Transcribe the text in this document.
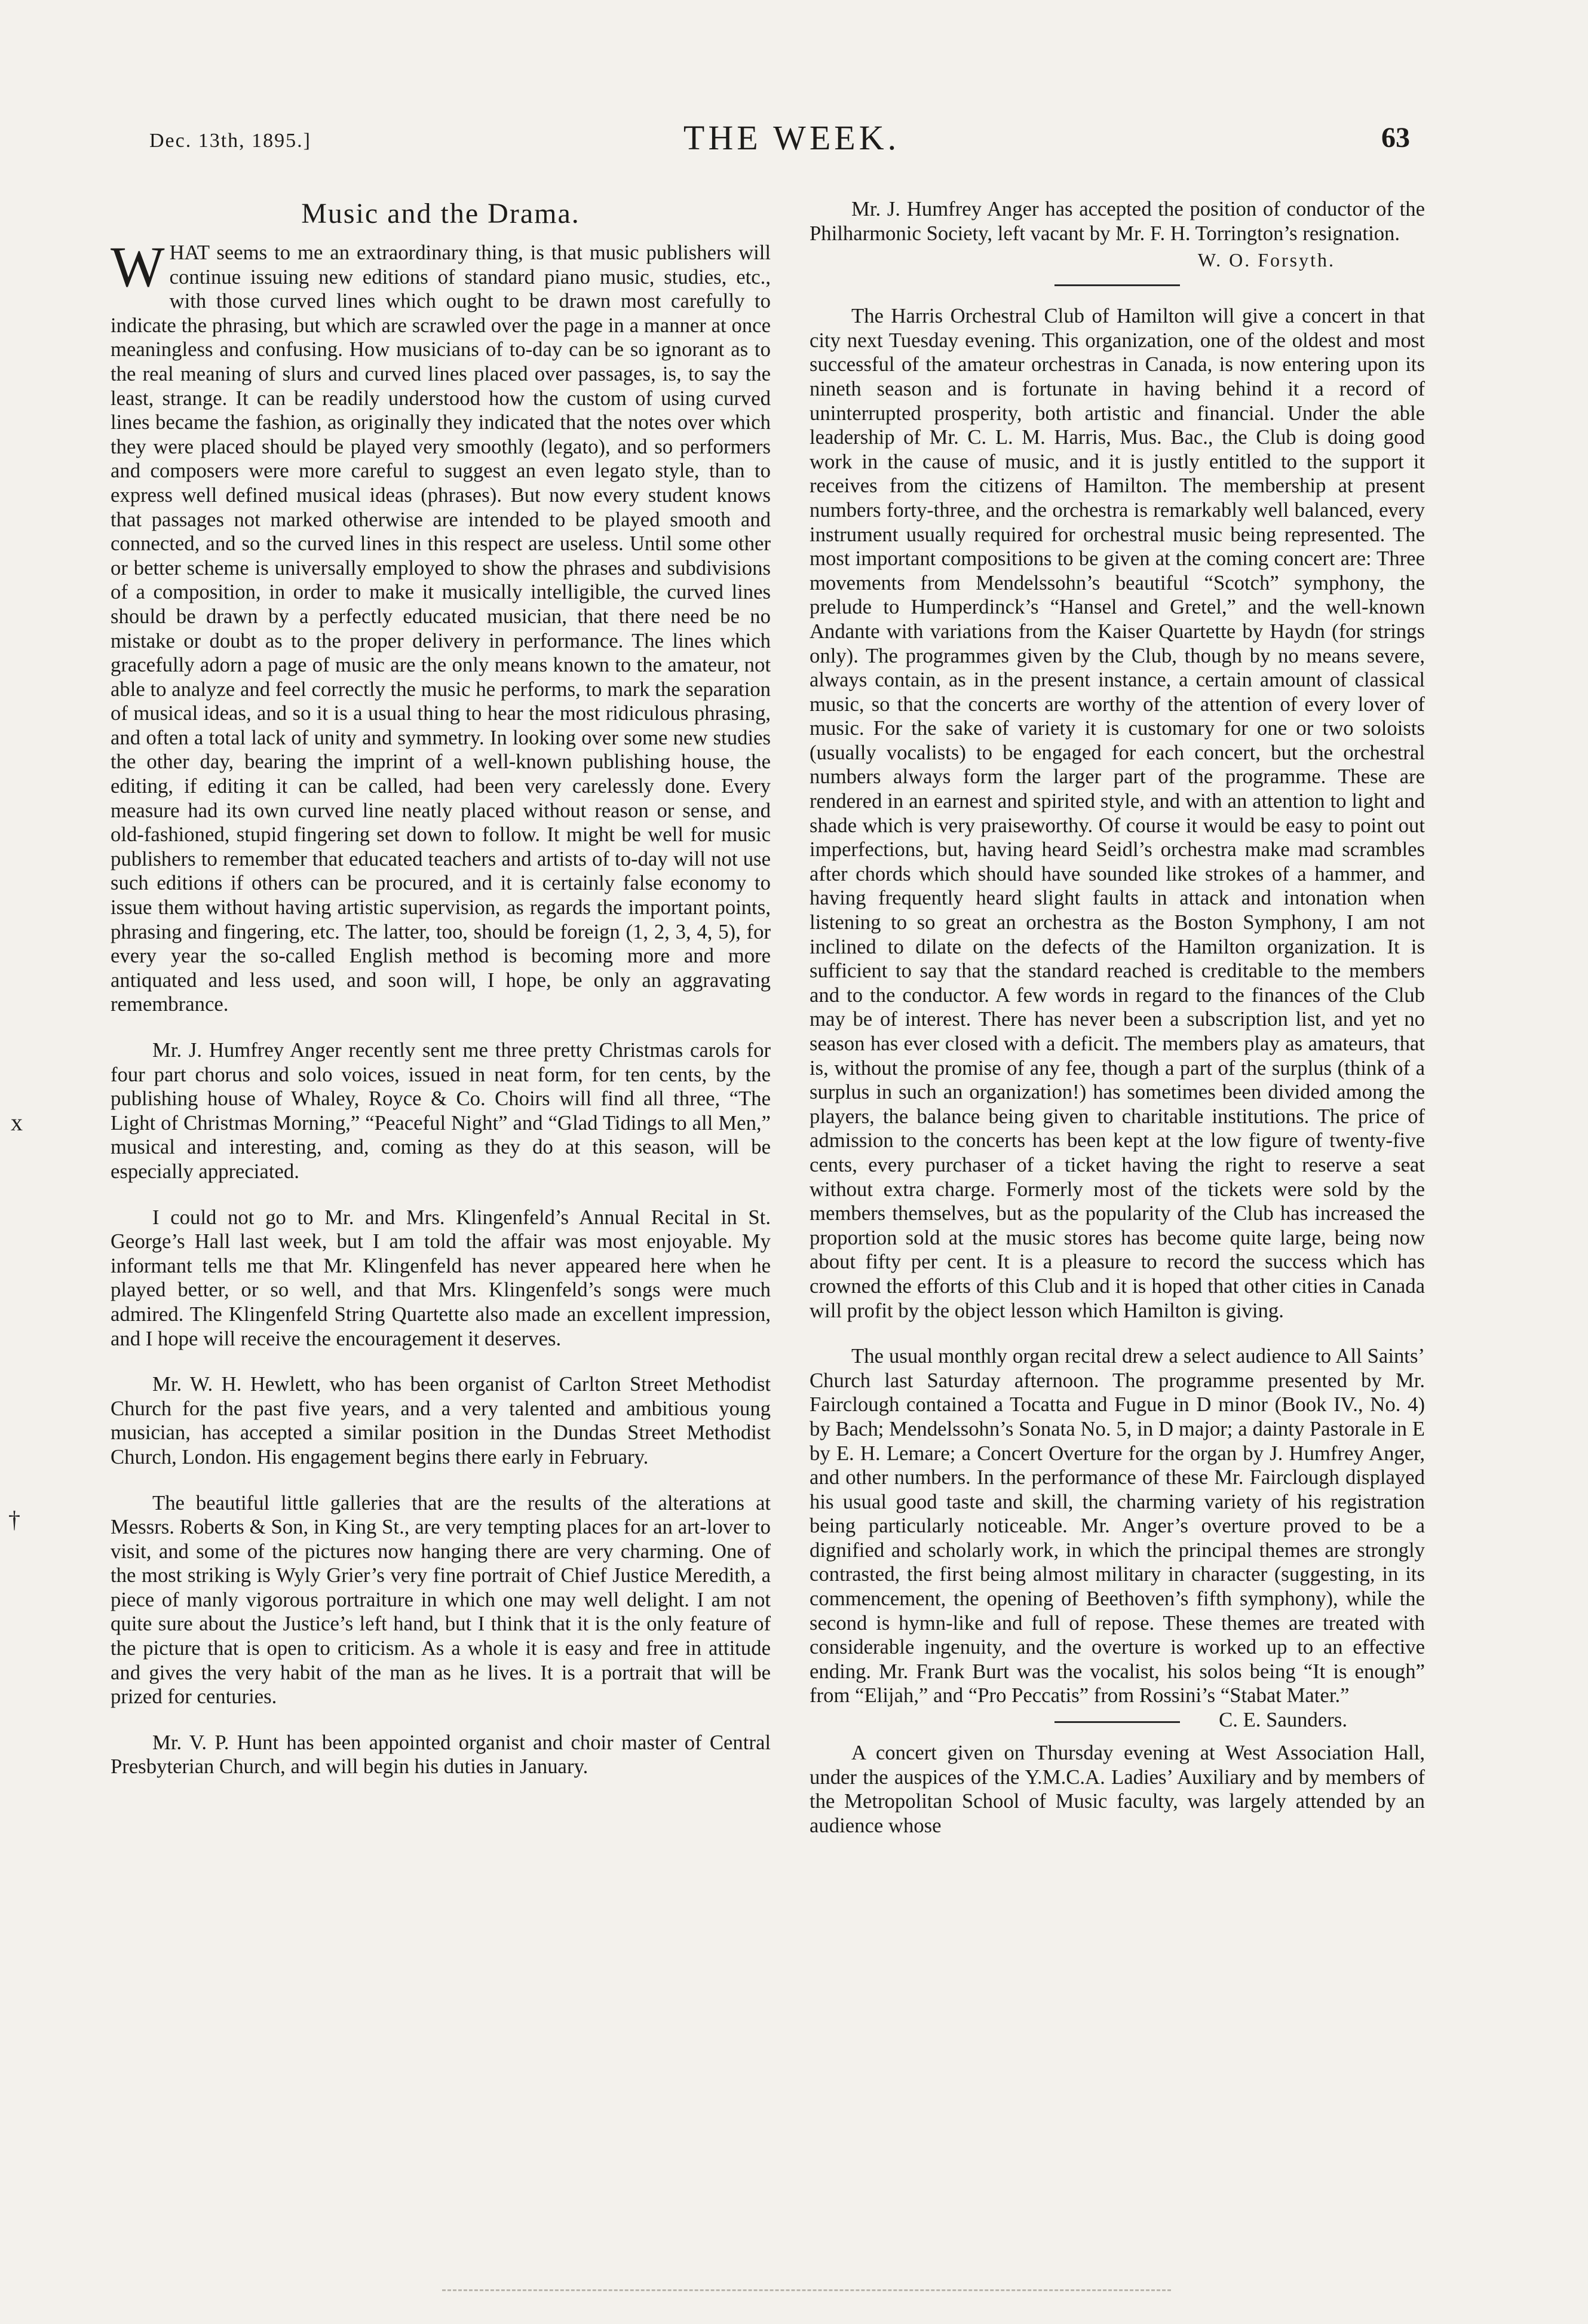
Dec. 13th, 1895.]	THE WEEK.	63
x
†
Music and the Drama.

WHAT seems to me an extraordinary thing, is that music publishers will continue issuing new editions of standard piano music, studies, etc., with those curved lines which ought to be drawn most carefully to indicate the phrasing, but which are scrawled over the page in a manner at once meaningless and confusing. How musicians of to-day can be so ignorant as to the real meaning of slurs and curved lines placed over passages, is, to say the least, strange. It can be readily understood how the custom of using curved lines became the fashion, as originally they indicated that the notes over which they were placed should be played very smoothly (legato), and so performers and composers were more careful to suggest an even legato style, than to express well defined musical ideas (phrases). But now every student knows that passages not marked otherwise are intended to be played smooth and connected, and so the curved lines in this respect are useless. Until some other or better scheme is universally employed to show the phrases and subdivisions of a composition, in order to make it musically intelligible, the curved lines should be drawn by a perfectly educated musician, that there need be no mistake or doubt as to the proper delivery in performance. The lines which gracefully adorn a page of music are the only means known to the amateur, not able to analyze and feel correctly the music he performs, to mark the separation of musical ideas, and so it is a usual thing to hear the most ridiculous phrasing, and often a total lack of unity and symmetry. In looking over some new studies the other day, bearing the imprint of a well-known publishing house, the editing, if editing it can be called, had been very carelessly done. Every measure had its own curved line neatly placed without reason or sense, and old-fashioned, stupid fingering set down to follow. It might be well for music publishers to remember that educated teachers and artists of to-day will not use such editions if others can be procured, and it is certainly false economy to issue them without having artistic supervision, as regards the important points, phrasing and fingering, etc. The latter, too, should be foreign (1, 2, 3, 4, 5), for every year the so-called English method is becoming more and more antiquated and less used, and soon will, I hope, be only an aggravating remembrance.

Mr. J. Humfrey Anger recently sent me three pretty Christmas carols for four part chorus and solo voices, issued in neat form, for ten cents, by the publishing house of Whaley, Royce & Co. Choirs will find all three, “The Light of Christmas Morning,” “Peaceful Night” and “Glad Tidings to all Men,” musical and interesting, and, coming as they do at this season, will be especially appreciated.

I could not go to Mr. and Mrs. Klingenfeld’s Annual Recital in St. George’s Hall last week, but I am told the affair was most enjoyable. My informant tells me that Mr. Klingenfeld has never appeared here when he played better, or so well, and that Mrs. Klingenfeld’s songs were much admired. The Klingenfeld String Quartette also made an excellent impression, and I hope will receive the encouragement it deserves.

Mr. W. H. Hewlett, who has been organist of Carlton Street Methodist Church for the past five years, and a very talented and ambitious young musician, has accepted a similar position in the Dundas Street Methodist Church, London. His engagement begins there early in February.

The beautiful little galleries that are the results of the alterations at Messrs. Roberts & Son, in King St., are very tempting places for an art-lover to visit, and some of the pictures now hanging there are very charming. One of the most striking is Wyly Grier’s very fine portrait of Chief Justice Meredith, a piece of manly vigorous portraiture in which one may well delight. I am not quite sure about the Justice’s left hand, but I think that it is the only feature of the picture that is open to criticism. As a whole it is easy and free in attitude and gives the very habit of the man as he lives. It is a portrait that will be prized for centuries.

Mr. V. P. Hunt has been appointed organist and choir master of Central Presbyterian Church, and will begin his duties in January.

Mr. J. Humfrey Anger has accepted the position of conductor of the Philharmonic Society, left vacant by Mr. F. H. Torrington’s resignation.

W. O. Forsyth.

The Harris Orchestral Club of Hamilton will give a concert in that city next Tuesday evening. This organization, one of the oldest and most successful of the amateur orchestras in Canada, is now entering upon its nineth season and is fortunate in having behind it a record of uninterrupted prosperity, both artistic and financial. Under the able leadership of Mr. C. L. M. Harris, Mus. Bac., the Club is doing good work in the cause of music, and it is justly entitled to the support it receives from the citizens of Hamilton. The membership at present numbers forty-three, and the orchestra is remarkably well balanced, every instrument usually required for orchestral music being represented. The most important compositions to be given at the coming concert are: Three movements from Mendelssohn’s beautiful “Scotch” symphony, the prelude to Humperdinck’s “Hansel and Gretel,” and the well-known Andante with variations from the Kaiser Quartette by Haydn (for strings only). The programmes given by the Club, though by no means severe, always contain, as in the present instance, a certain amount of classical music, so that the concerts are worthy of the attention of every lover of music. For the sake of variety it is customary for one or two soloists (usually vocalists) to be engaged for each concert, but the orchestral numbers always form the larger part of the programme. These are rendered in an earnest and spirited style, and with an attention to light and shade which is very praiseworthy. Of course it would be easy to point out imperfections, but, having heard Seidl’s orchestra make mad scrambles after chords which should have sounded like strokes of a hammer, and having frequently heard slight faults in attack and intonation when listening to so great an orchestra as the Boston Symphony, I am not inclined to dilate on the defects of the Hamilton organization. It is sufficient to say that the standard reached is creditable to the members and to the conductor. A few words in regard to the finances of the Club may be of interest. There has never been a subscription list, and yet no season has ever closed with a deficit. The members play as amateurs, that is, without the promise of any fee, though a part of the surplus (think of a surplus in such an organization!) has sometimes been divided among the players, the balance being given to charitable institutions. The price of admission to the concerts has been kept at the low figure of twenty-five cents, every purchaser of a ticket having the right to reserve a seat without extra charge. Formerly most of the tickets were sold by the members themselves, but as the popularity of the Club has increased the proportion sold at the music stores has become quite large, being now about fifty per cent. It is a pleasure to record the success which has crowned the efforts of this Club and it is hoped that other cities in Canada will profit by the object lesson which Hamilton is giving.

The usual monthly organ recital drew a select audience to All Saints’ Church last Saturday afternoon. The programme presented by Mr. Fairclough contained a Tocatta and Fugue in D minor (Book IV., No. 4) by Bach; Mendelssohn’s Sonata No. 5, in D major; a dainty Pastorale in E by E. H. Lemare; a Concert Overture for the organ by J. Humfrey Anger, and other numbers. In the performance of these Mr. Fairclough displayed his usual good taste and skill, the charming variety of his registration being particularly noticeable. Mr. Anger’s overture proved to be a dignified and scholarly work, in which the principal themes are strongly contrasted, the first being almost military in character (suggesting, in its commencement, the opening of Beethoven’s fifth symphony), while the second is hymn-like and full of repose. These themes are treated with considerable ingenuity, and the overture is worked up to an effective ending. Mr. Frank Burt was the vocalist, his solos being “It is enough” from “Elijah,” and “Pro Peccatis” from Rossini’s “Stabat Mater.”
C. E. Saunders.

A concert given on Thursday evening at West Association Hall, under the auspices of the Y.M.C.A. Ladies’ Auxiliary and by members of the Metropolitan School of Music faculty, was largely attended by an audience whose
